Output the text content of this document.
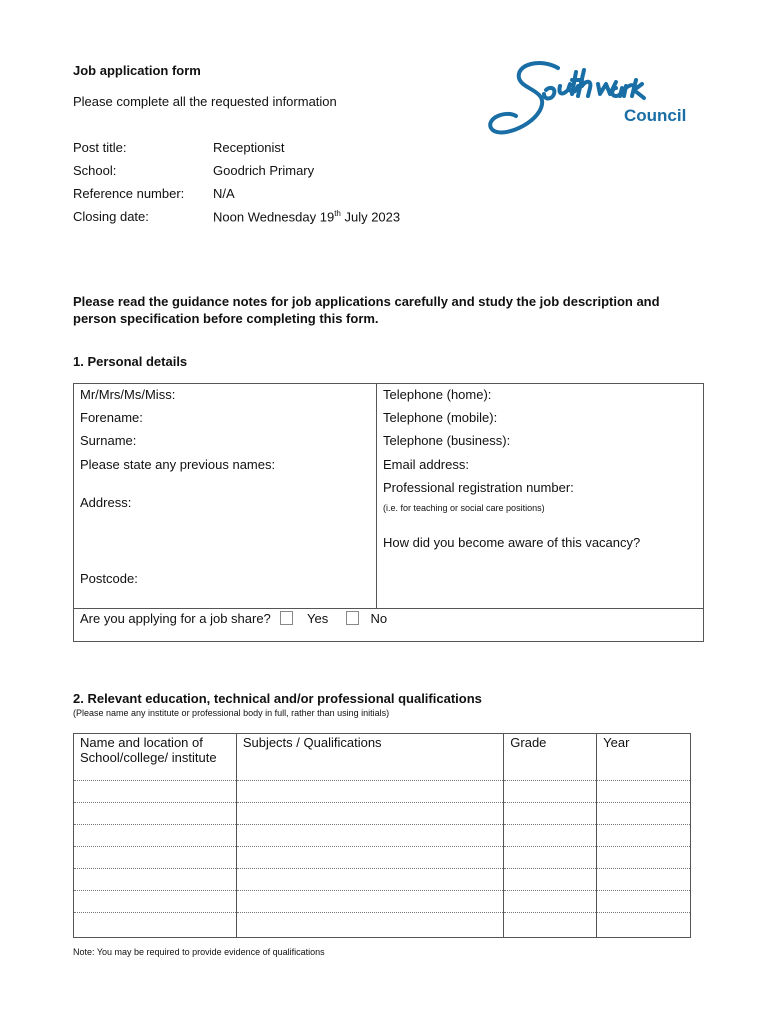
Job application form
Please complete all the requested information
Council
Post title:	Receptionist
School:	Goodrich Primary
Reference number: N/A
Closing date:	Noon Wednesday 19th July 2023
Please read the guidance notes for job applications carefully and study the job description and person specification before completing this form.
1. Personal details
Mr/Mrs/Ms/Miss:
Forename:
Surname:
Please state any previous names:
Address:
Postcode:
Telephone (home):
Telephone (mobile):
Telephone (business):
Email address:
Professional registration number:
(i.e. for teaching or social care positions)
How did you become aware of this vacancy?
Are you applying for a job share?	Yes	No
2. Relevant education, technical and/or professional qualifications
(Please name any institute or professional body in full, rather than using initials)
Name and location of School/college/ institute	Subjects / Qualifications	Grade	Year

Note: You may be required to provide evidence of qualifications
